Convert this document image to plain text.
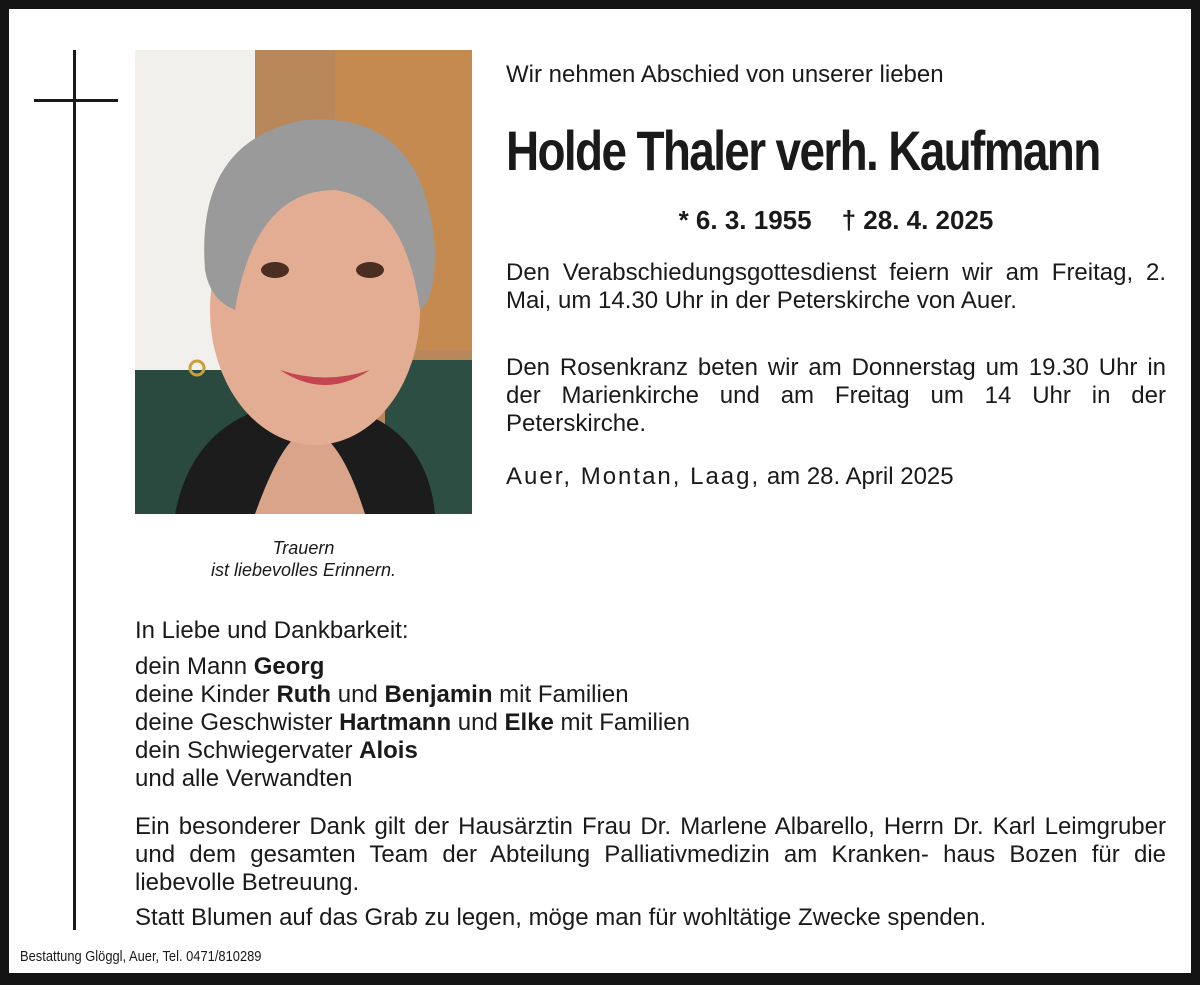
Trauern
ist liebevolles Erinnern.
Wir nehmen Abschied von unserer lieben
Holde Thaler verh. Kaufmann
* 6. 3. 1955 † 28. 4. 2025
Den Verabschiedungsgottesdienst feiern wir am Freitag, 2. Mai, um 14.30 Uhr in der Peterskirche von Auer.
Den Rosenkranz beten wir am Donnerstag um 19.30 Uhr in der Marienkirche und am Freitag um 14 Uhr in der Peterskirche.
Auer, Montan, Laag, am 28. April 2025
In Liebe und Dankbarkeit:
dein Mann Georg
deine Kinder Ruth und Benjamin mit Familien
deine Geschwister Hartmann und Elke mit Familien
dein Schwiegervater Alois
und alle Verwandten
Ein besonderer Dank gilt der Hausärztin Frau Dr. Marlene Albarello, Herrn Dr. Karl Leimgruber und dem gesamten Team der Abteilung Palliativmedizin am Kranken- haus Bozen für die liebevolle Betreuung.
Statt Blumen auf das Grab zu legen, möge man für wohltätige Zwecke spenden.
Bestattung Glöggl, Auer, Tel. 0471/810289
